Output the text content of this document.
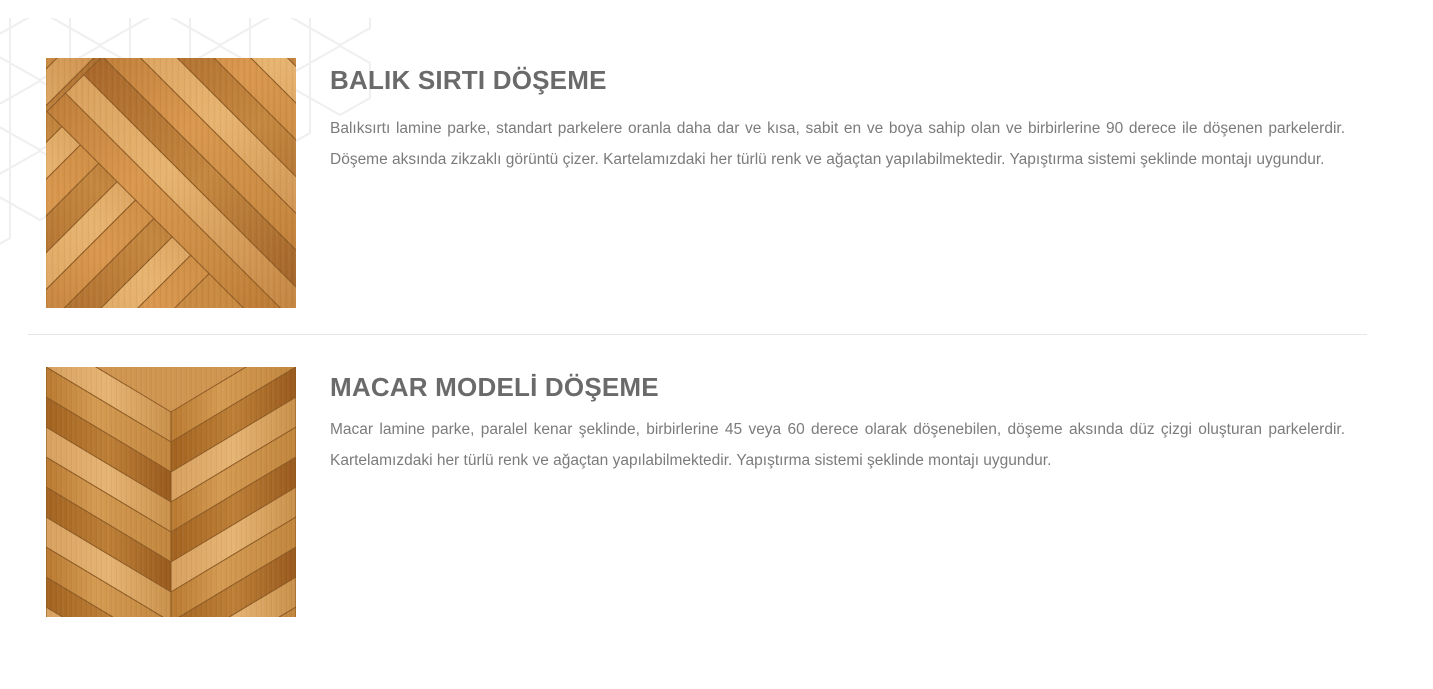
BALIK SIRTI DÖŞEME

Balıksırtı lamine parke, standart parkelere oranla daha dar ve kısa, sabit en ve boya sahip olan ve birbirlerine 90 derece ile döşenen parkelerdir. Döşeme aksında zikzaklı görüntü çizer. Kartelamızdaki her türlü renk ve ağaçtan yapılabilmektedir. Yapıştırma sistemi şeklinde montajı uygundur.

MACAR MODELİ DÖŞEME

Macar lamine parke, paralel kenar şeklinde, birbirlerine 45 veya 60 derece olarak döşenebilen, döşeme aksında düz çizgi oluşturan parkelerdir. Kartelamızdaki her türlü renk ve ağaçtan yapılabilmektedir. Yapıştırma sistemi şeklinde montajı uygundur.
